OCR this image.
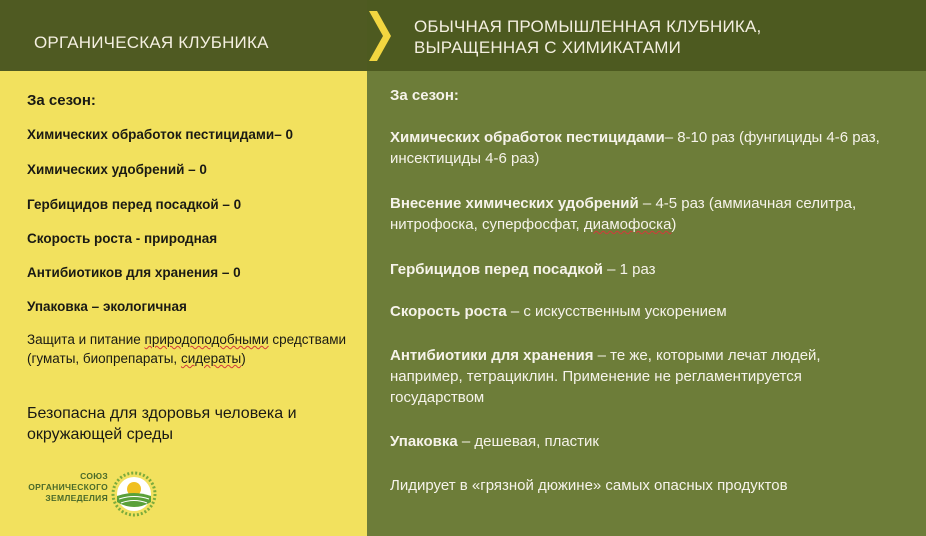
ОРГАНИЧЕСКАЯ КЛУБНИКА
ОБЫЧНАЯ ПРОМЫШЛЕННАЯ КЛУБНИКА,
ВЫРАЩЕННАЯ С ХИМИКАТАМИ
За сезон:
Химических обработок пестицидами– 0
Химических удобрений – 0
Гербицидов перед посадкой – 0
Скорость роста - природная
Антибиотиков для хранения – 0
Упаковка – экологичная
Защита и питание природоподобными средствами (гуматы, биопрепараты, сидераты)
Безопасна для здоровья человека и окружающей среды
СОЮЗ
ОРГАНИЧЕСКОГО
ЗЕМЛЕДЕЛИЯ
За сезон:
Химических обработок пестицидами– 8-10 раз (фунгициды 4-6 раз, инсектициды 4-6 раз)
Внесение химических удобрений – 4-5 раз (аммиачная селитра, нитрофоска, суперфосфат, диамофоска)
Гербицидов перед посадкой – 1 раз
Скорость роста – с искусственным ускорением
Антибиотики для хранения – те же, которыми лечат людей, например, тетрациклин. Применение не регламентируется государством
Упаковка – дешевая, пластик
Лидирует в «грязной дюжине» самых опасных продуктов
